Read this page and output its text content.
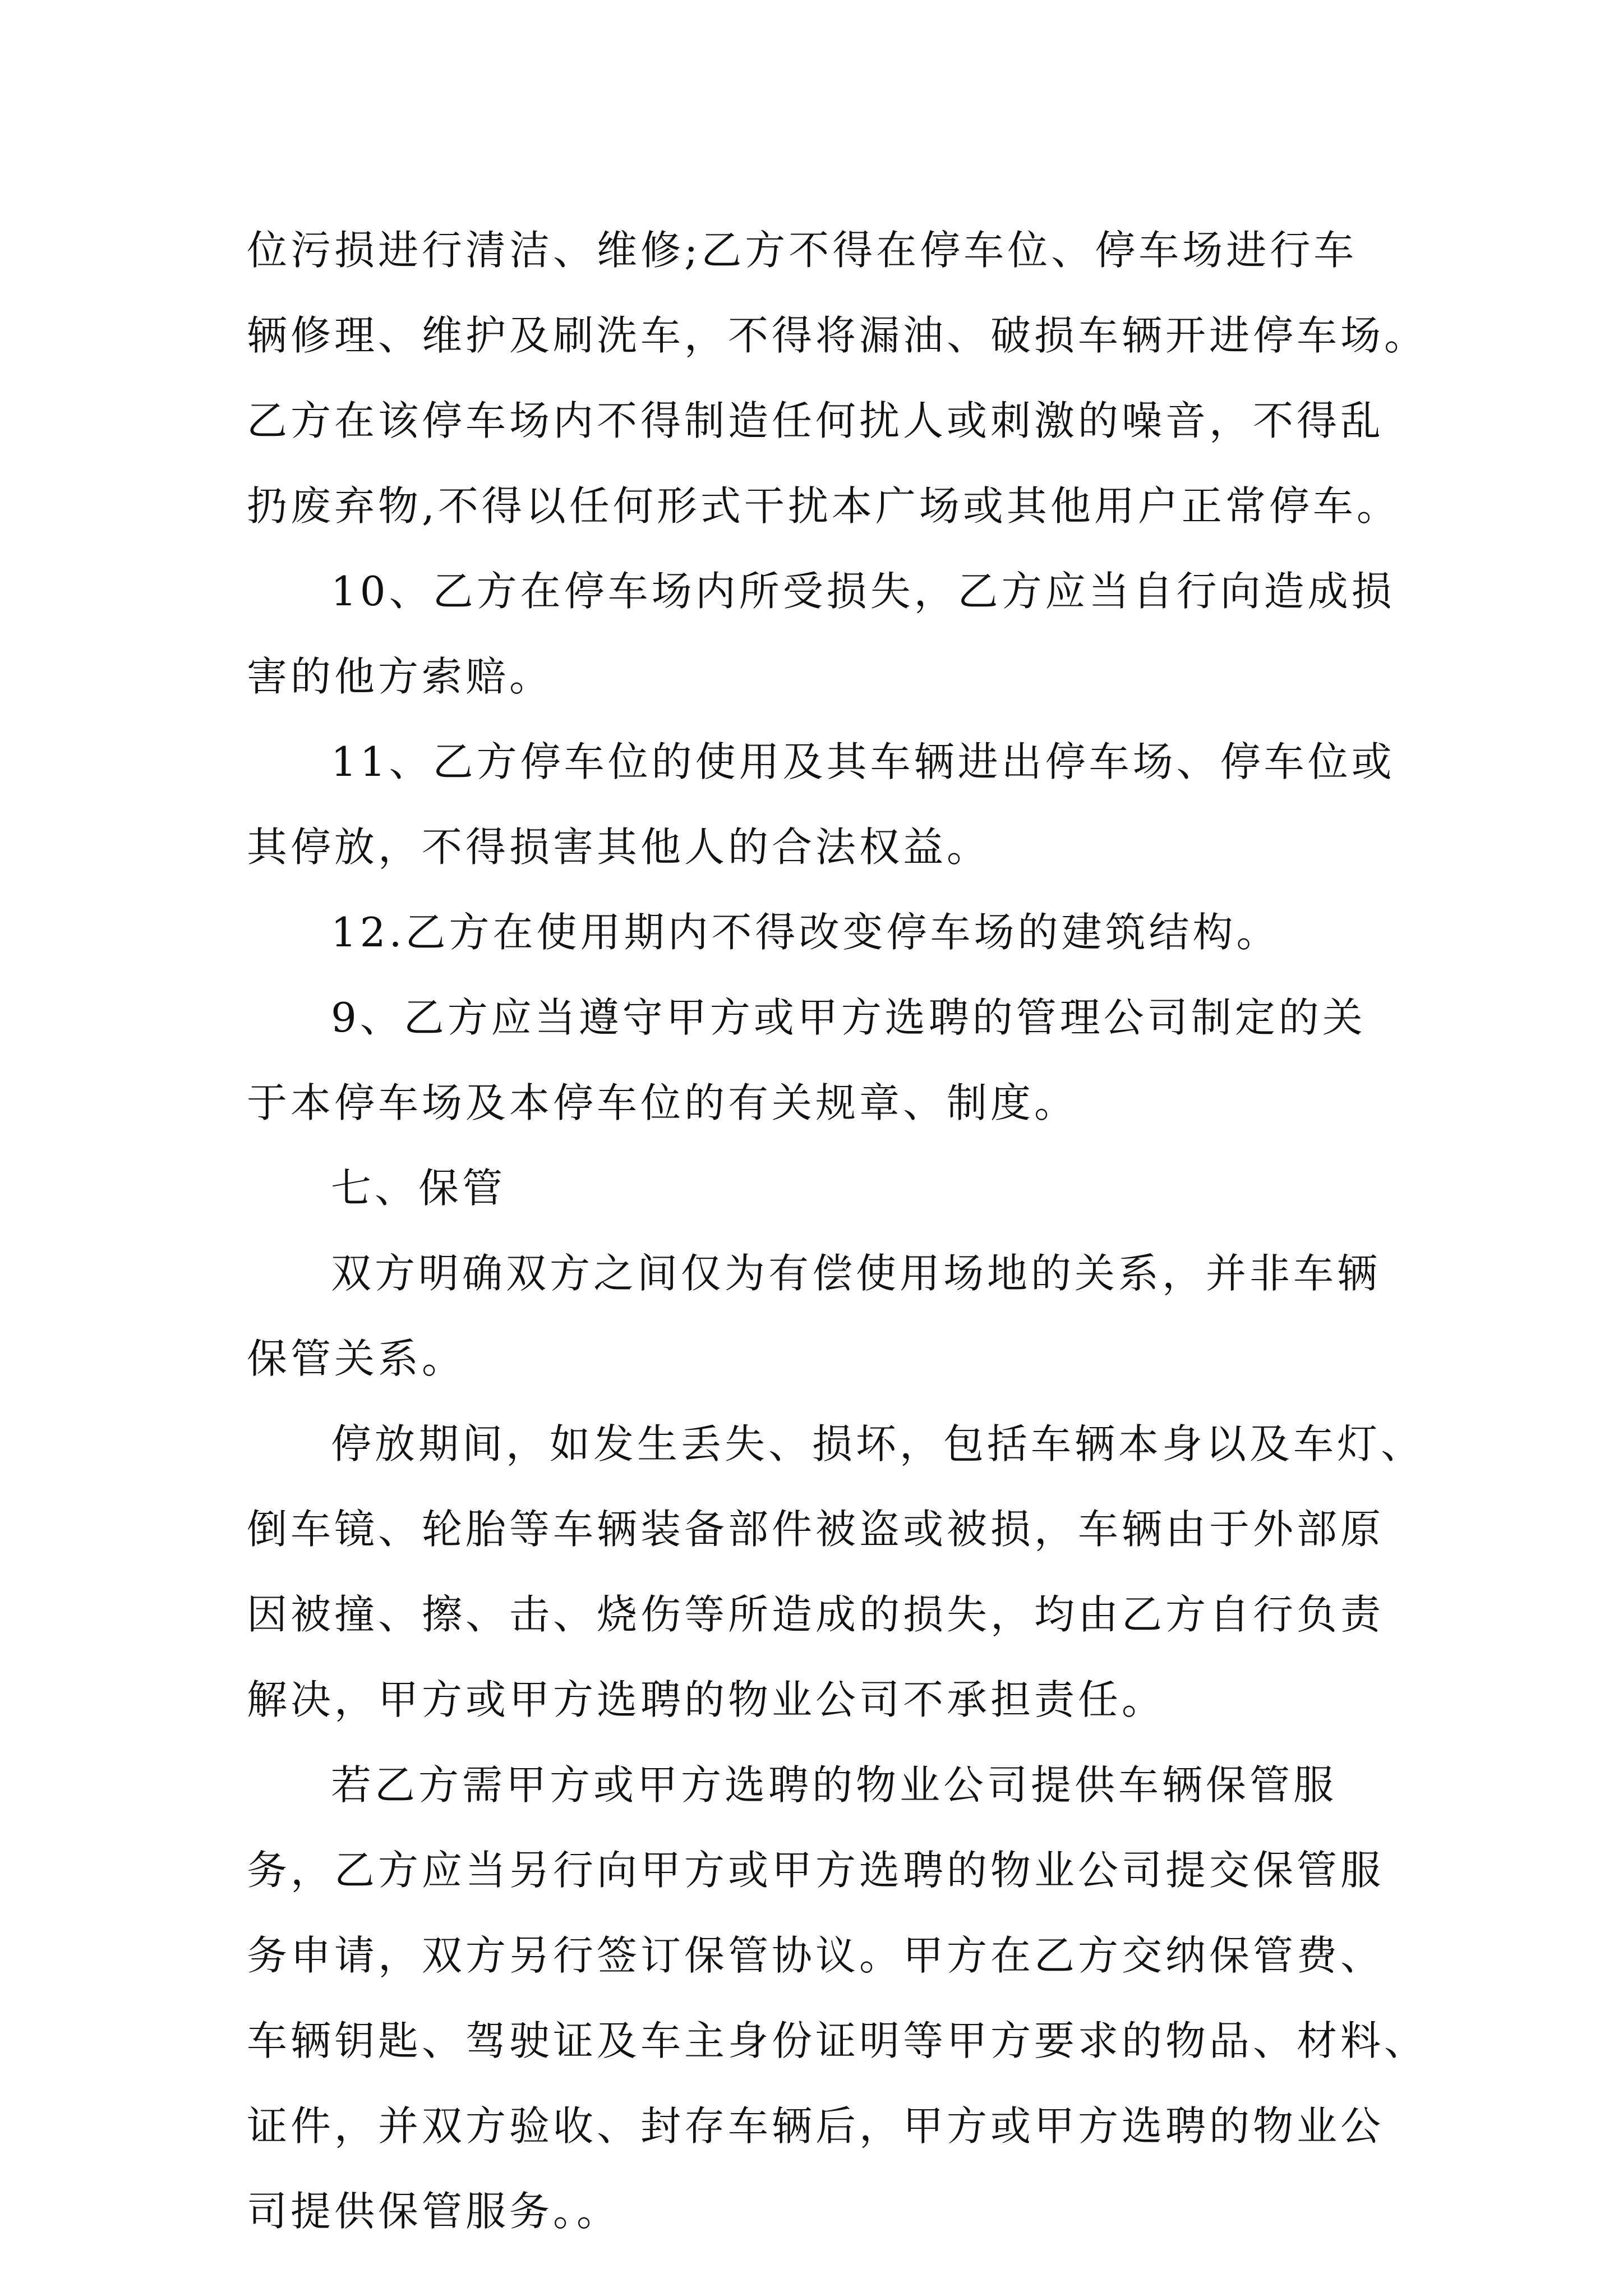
位污损进行清洁、维修;乙方不得在停车位、停车场进行车
辆修理、维护及刷洗车，不得将漏油、破损车辆开进停车场。
乙方在该停车场内不得制造任何扰人或刺激的噪音，不得乱
扔废弃物,不得以任何形式干扰本广场或其他用户正常停车。
10、乙方在停车场内所受损失，乙方应当自行向造成损
害的他方索赔。
11、乙方停车位的使用及其车辆进出停车场、停车位或
其停放，不得损害其他人的合法权益。
12.乙方在使用期内不得改变停车场的建筑结构。
9、乙方应当遵守甲方或甲方选聘的管理公司制定的关
于本停车场及本停车位的有关规章、制度。
七、保管
双方明确双方之间仅为有偿使用场地的关系，并非车辆
保管关系。
停放期间，如发生丢失、损坏，包括车辆本身以及车灯、
倒车镜、轮胎等车辆装备部件被盗或被损，车辆由于外部原
因被撞、擦、击、烧伤等所造成的损失，均由乙方自行负责
解决，甲方或甲方选聘的物业公司不承担责任。
若乙方需甲方或甲方选聘的物业公司提供车辆保管服
务，乙方应当另行向甲方或甲方选聘的物业公司提交保管服
务申请，双方另行签订保管协议。甲方在乙方交纳保管费、
车辆钥匙、驾驶证及车主身份证明等甲方要求的物品、材料、
证件，并双方验收、封存车辆后，甲方或甲方选聘的物业公
司提供保管服务。。
